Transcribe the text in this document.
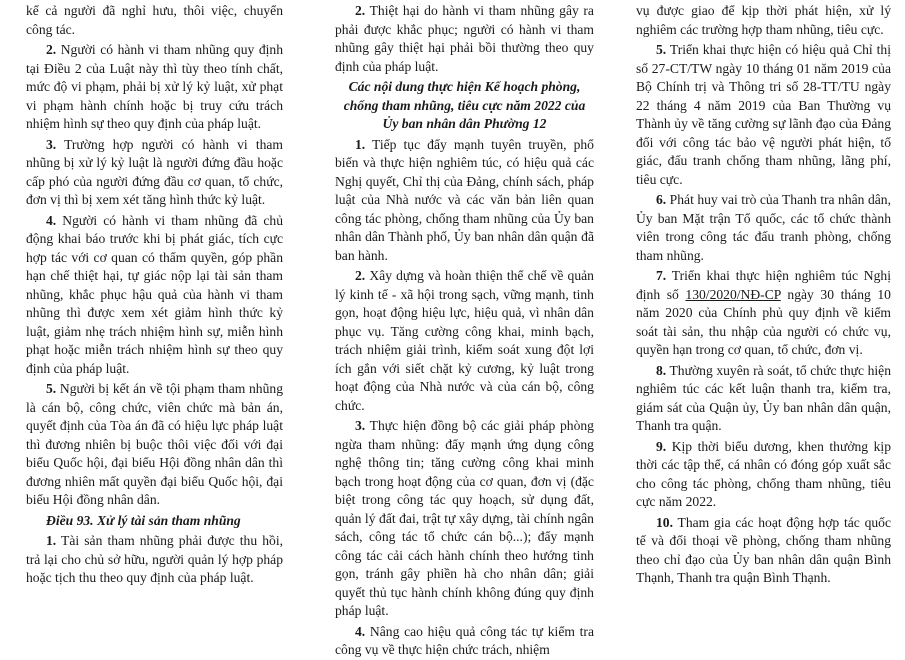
kể cả người đã nghỉ hưu, thôi việc, chuyển công tác.

2. Người có hành vi tham nhũng quy định tại Điều 2 của Luật này thì tùy theo tính chất, mức độ vi phạm, phải bị xử lý kỷ luật, xử phạt vi phạm hành chính hoặc bị truy cứu trách nhiệm hình sự theo quy định của pháp luật.

3. Trường hợp người có hành vi tham nhũng bị xử lý kỷ luật là người đứng đầu hoặc cấp phó của người đứng đầu cơ quan, tổ chức, đơn vị thì bị xem xét tăng hình thức kỷ luật.

4. Người có hành vi tham nhũng đã chủ động khai báo trước khi bị phát giác, tích cực hợp tác với cơ quan có thẩm quyền, góp phần hạn chế thiệt hại, tự giác nộp lại tài sản tham nhũng, khắc phục hậu quả của hành vi tham nhũng thì được xem xét giảm hình thức kỷ luật, giảm nhẹ trách nhiệm hình sự, miễn hình phạt hoặc miễn trách nhiệm hình sự theo quy định của pháp luật.

5. Người bị kết án về tội phạm tham nhũng là cán bộ, công chức, viên chức mà bản án, quyết định của Tòa án đã có hiệu lực pháp luật thì đương nhiên bị buộc thôi việc đối với đại biểu Quốc hội, đại biểu Hội đồng nhân dân thì đương nhiên mất quyền đại biểu Quốc hội, đại biểu Hội đồng nhân dân.

Điều 93. Xử lý tài sản tham nhũng

1. Tài sản tham nhũng phải được thu hồi, trả lại cho chủ sở hữu, người quản lý hợp pháp hoặc tịch thu theo quy định của pháp luật.

2. Thiệt hại do hành vi tham nhũng gây ra phải được khắc phục; người có hành vi tham nhũng gây thiệt hại phải bồi thường theo quy định của pháp luật.

Các nội dung thực hiện Kế hoạch phòng, chống tham nhũng, tiêu cực năm 2022 của Ủy ban nhân dân Phường 12

1. Tiếp tục đẩy mạnh tuyên truyền, phổ biến và thực hiện nghiêm túc, có hiệu quả các Nghị quyết, Chỉ thị của Đảng, chính sách, pháp luật của Nhà nước và các văn bản liên quan công tác phòng, chống tham nhũng của Ủy ban nhân dân Thành phố, Ủy ban nhân dân quận đã ban hành.

2. Xây dựng và hoàn thiện thể chế về quản lý kinh tế - xã hội trong sạch, vững mạnh, tinh gọn, hoạt động hiệu lực, hiệu quả, vì nhân dân phục vụ. Tăng cường công khai, minh bạch, trách nhiệm giải trình, kiểm soát xung đột lợi ích gắn với siết chặt kỷ cương, kỷ luật trong hoạt động của Nhà nước và của cán bộ, công chức.

3. Thực hiện đồng bộ các giải pháp phòng ngừa tham nhũng: đẩy mạnh ứng dụng công nghệ thông tin; tăng cường công khai minh bạch trong hoạt động của cơ quan, đơn vị (đặc biệt trong công tác quy hoạch, sử dụng đất, quản lý đất đai, trật tự xây dựng, tài chính ngân sách, công tác tổ chức cán bộ...); đẩy mạnh công tác cải cách hành chính theo hướng tinh gọn, tránh gây phiền hà cho nhân dân; giải quyết thủ tục hành chính không đúng quy định pháp luật.

4. Nâng cao hiệu quả công tác tự kiểm tra công vụ về thực hiện chức trách, nhiệm

vụ được giao để kịp thời phát hiện, xử lý nghiêm các trường hợp tham nhũng, tiêu cực.

5. Triển khai thực hiện có hiệu quả Chỉ thị số 27-CT/TW ngày 10 tháng 01 năm 2019 của Bộ Chính trị và Thông tri số 28-TT/TU ngày 22 tháng 4 năm 2019 của Ban Thường vụ Thành ủy về tăng cường sự lãnh đạo của Đảng đối với công tác bảo vệ người phát hiện, tố giác, đấu tranh chống tham nhũng, lãng phí, tiêu cực.

6. Phát huy vai trò của Thanh tra nhân dân, Ủy ban Mặt trận Tổ quốc, các tổ chức thành viên trong công tác đấu tranh phòng, chống tham nhũng.

7. Triển khai thực hiện nghiêm túc Nghị định số 130/2020/NĐ-CP ngày 30 tháng 10 năm 2020 của Chính phủ quy định về kiểm soát tài sản, thu nhập của người có chức vụ, quyền hạn trong cơ quan, tổ chức, đơn vị.

8. Thường xuyên rà soát, tổ chức thực hiện nghiêm túc các kết luận thanh tra, kiểm tra, giám sát của Quận ủy, Ủy ban nhân dân quận, Thanh tra quận.

9. Kịp thời biểu dương, khen thưởng kịp thời các tập thể, cá nhân có đóng góp xuất sắc cho công tác phòng, chống tham nhũng, tiêu cực năm 2022.

10. Tham gia các hoạt động hợp tác quốc tế và đối thoại về phòng, chống tham nhũng theo chỉ đạo của Ủy ban nhân dân quận Bình Thạnh, Thanh tra quận Bình Thạnh.
